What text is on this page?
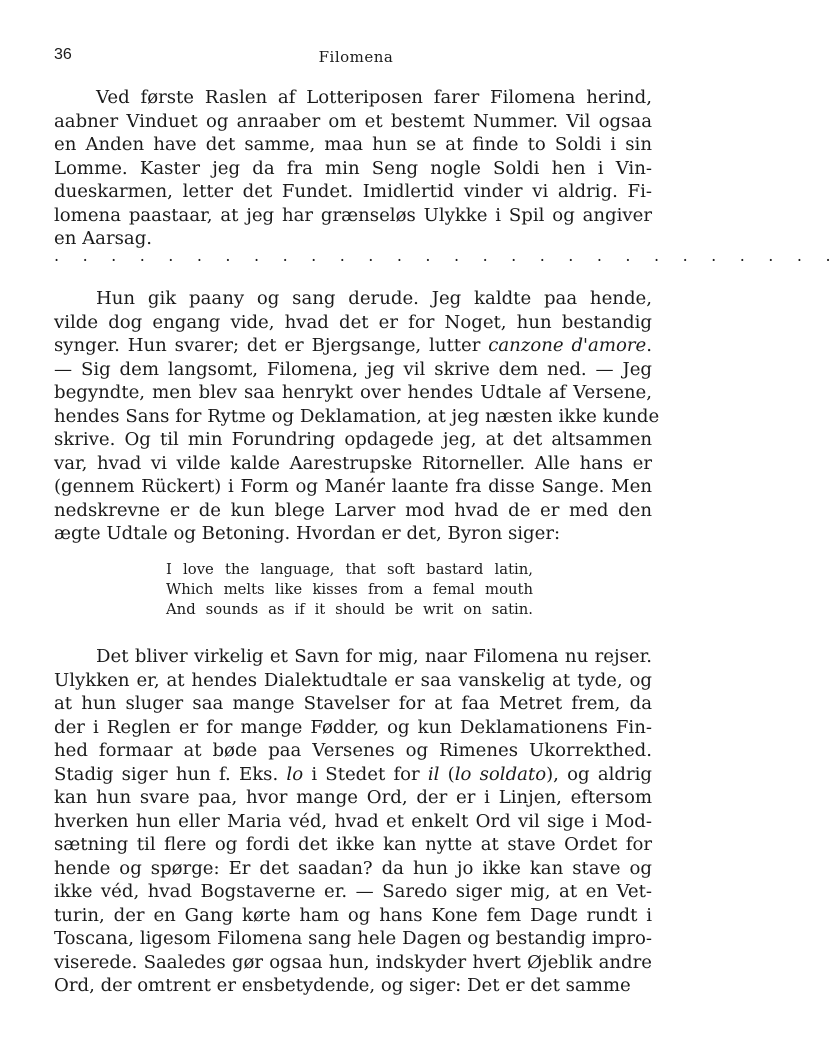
36	Filomena
Ved første Raslen af Lotteriposen farer Filomena herind,
aabner Vinduet og anraaber om et bestemt Nummer. Vil ogsaa
en Anden have det samme, maa hun se at finde to Soldi i sin
Lomme. Kaster jeg da fra min Seng nogle Soldi hen i Vin-
dueskarmen, letter det Fundet. Imidlertid vinder vi aldrig. Fi-
lomena paastaar, at jeg har grænseløs Ulykke i Spil og angiver
en Aarsag.
. . . . . . . . . . . . . . . . . . . . . . . . . . . .
Hun gik paany og sang derude. Jeg kaldte paa hende,
vilde dog engang vide, hvad det er for Noget, hun bestandig
synger. Hun svarer; det er Bjergsange, lutter canzone d'amore.
— Sig dem langsomt, Filomena, jeg vil skrive dem ned. — Jeg
begyndte, men blev saa henrykt over hendes Udtale af Versene,
hendes Sans for Rytme og Deklamation, at jeg næsten ikke kunde
skrive. Og til min Forundring opdagede jeg, at det altsammen
var, hvad vi vilde kalde Aarestrupske Ritorneller. Alle hans er
(gennem Rückert) i Form og Manér laante fra disse Sange. Men
nedskrevne er de kun blege Larver mod hvad de er med den
ægte Udtale og Betoning. Hvordan er det, Byron siger:
I love the language, that soft bastard latin,
Which melts like kisses from a femal mouth
And sounds as if it should be writ on satin.
Det bliver virkelig et Savn for mig, naar Filomena nu rejser.
Ulykken er, at hendes Dialektudtale er saa vanskelig at tyde, og
at hun sluger saa mange Stavelser for at faa Metret frem, da
der i Reglen er for mange Fødder, og kun Deklamationens Fin-
hed formaar at bøde paa Versenes og Rimenes Ukorrekthed.
Stadig siger hun f. Eks. lo i Stedet for il (lo soldato), og aldrig
kan hun svare paa, hvor mange Ord, der er i Linjen, eftersom
hverken hun eller Maria véd, hvad et enkelt Ord vil sige i Mod-
sætning til flere og fordi det ikke kan nytte at stave Ordet for
hende og spørge: Er det saadan? da hun jo ikke kan stave og
ikke véd, hvad Bogstaverne er. — Saredo siger mig, at en Vet-
turin, der en Gang kørte ham og hans Kone fem Dage rundt i
Toscana, ligesom Filomena sang hele Dagen og bestandig impro-
viserede. Saaledes gør ogsaa hun, indskyder hvert Øjeblik andre
Ord, der omtrent er ensbetydende, og siger: Det er det samme
